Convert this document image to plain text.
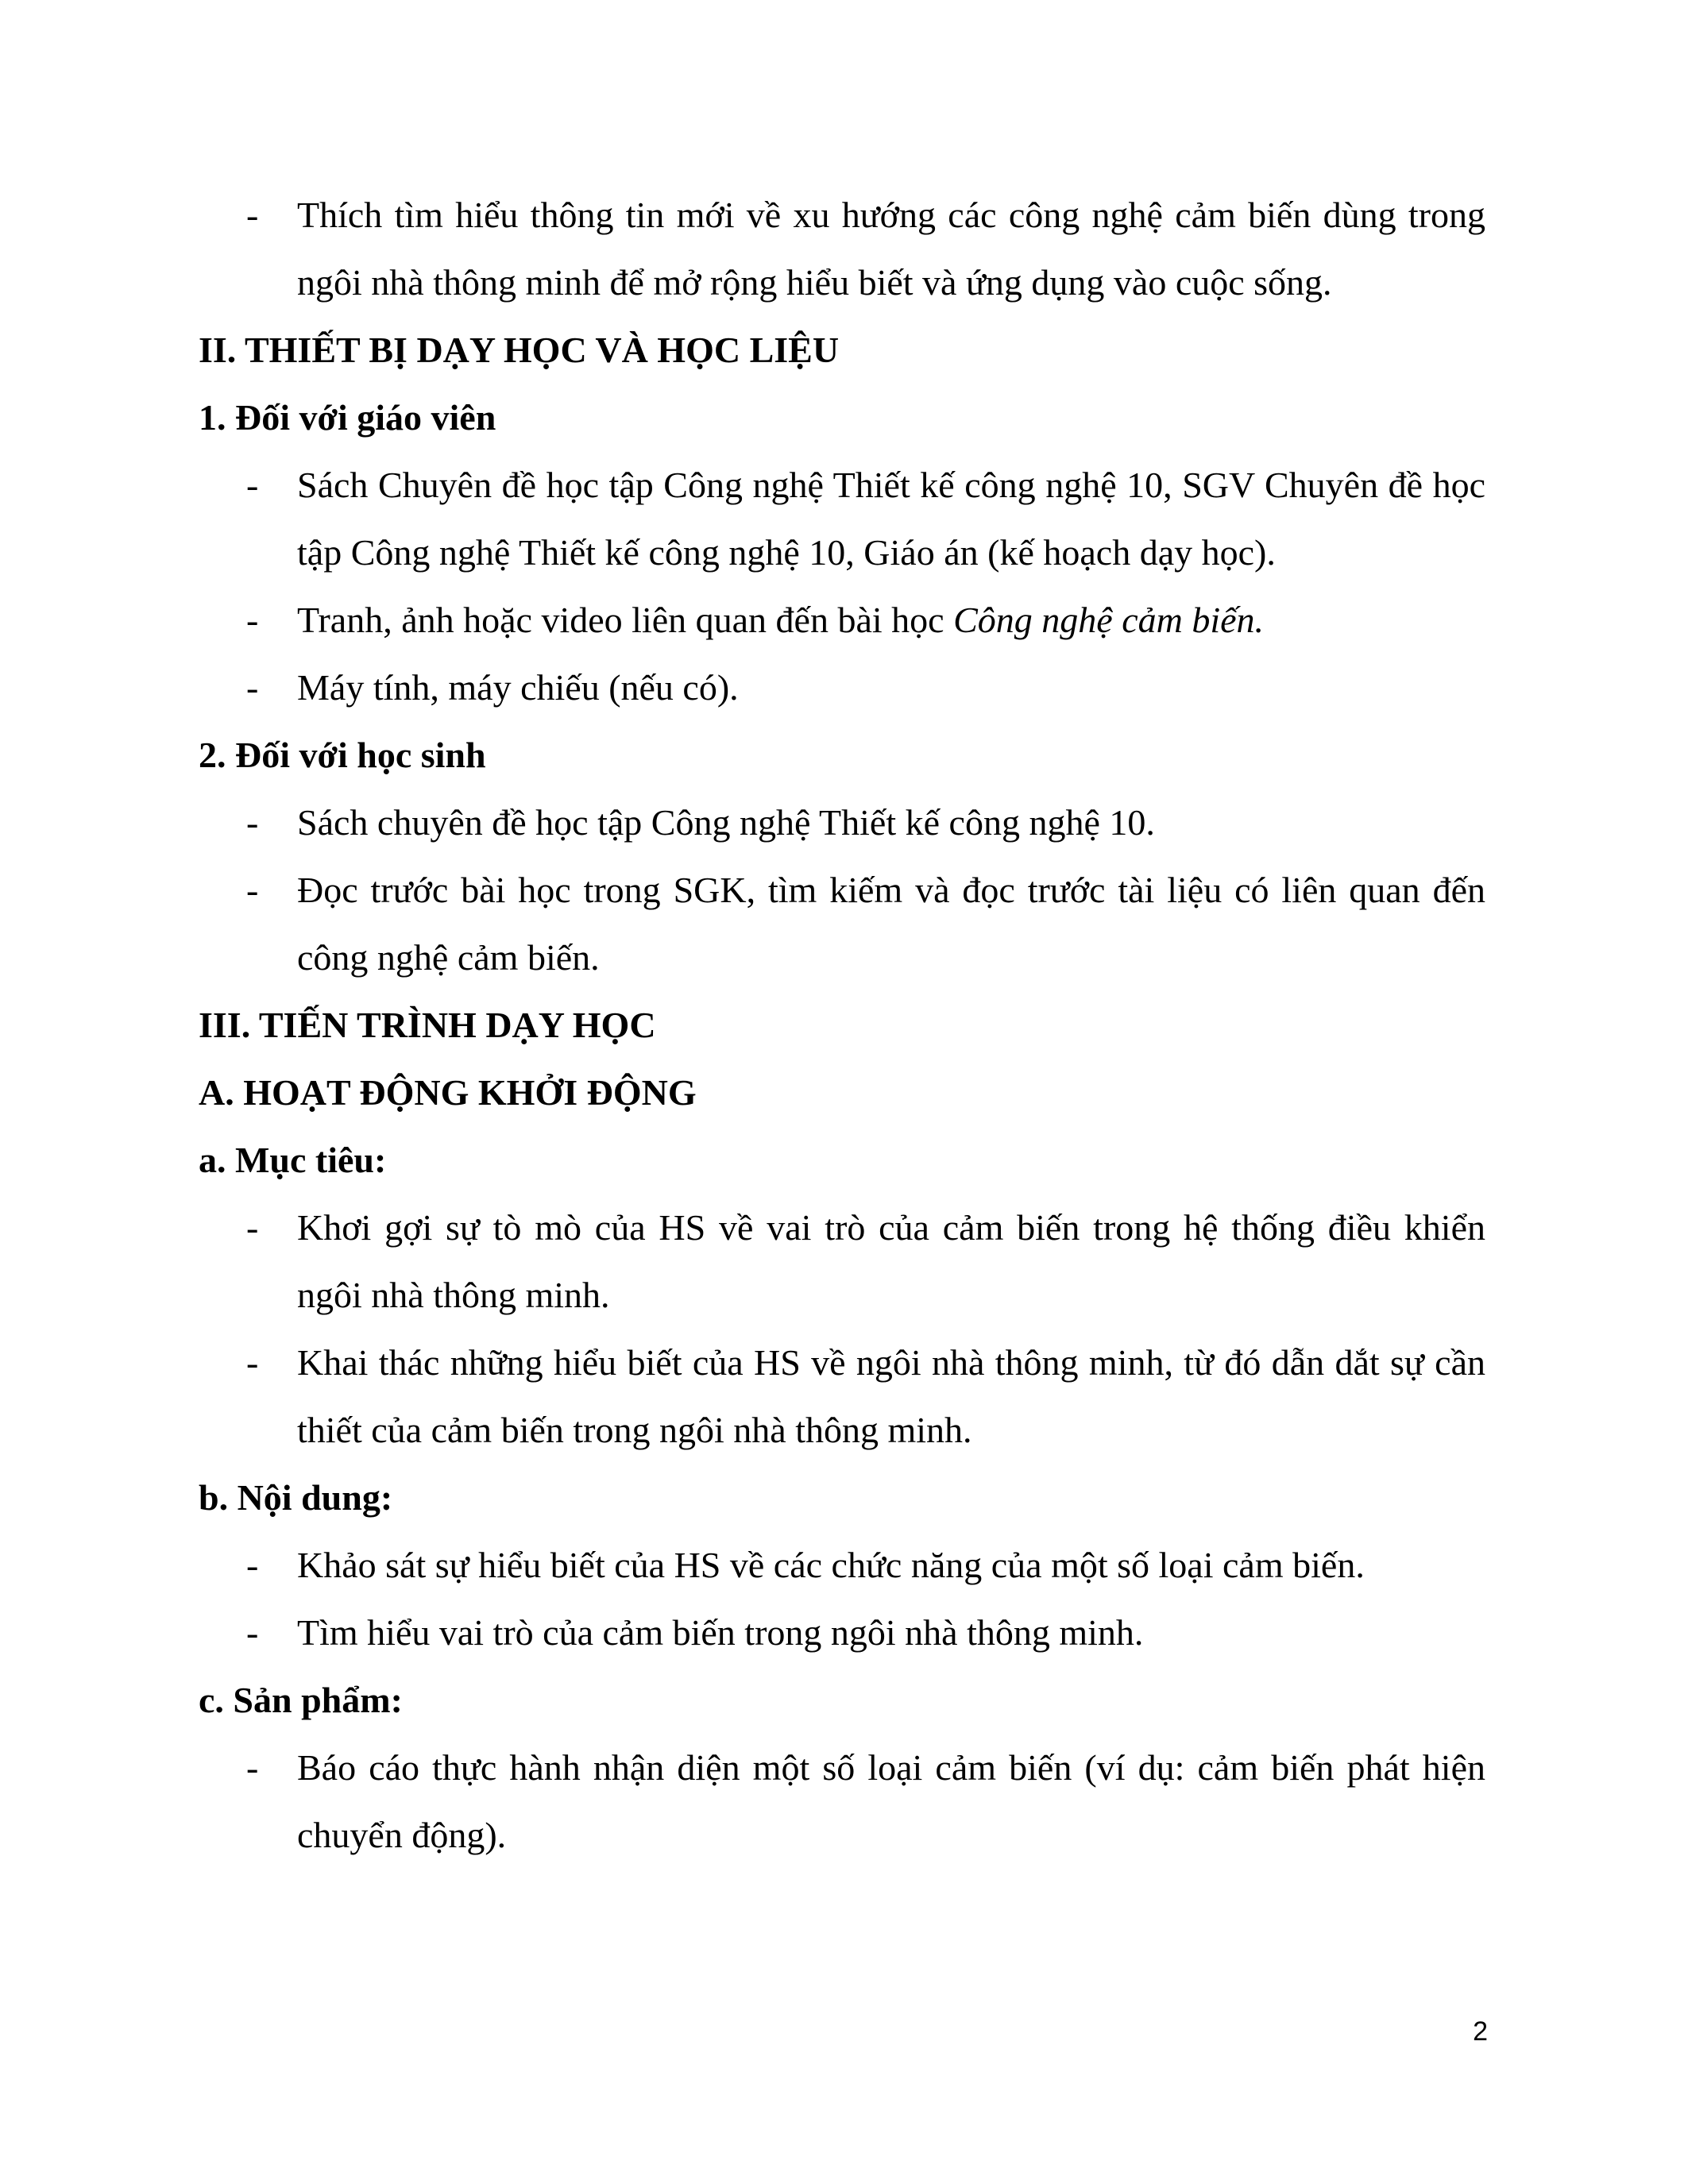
- Thích tìm hiểu thông tin mới về xu hướng các công nghệ cảm biến dùng trong ngôi nhà thông minh để mở rộng hiểu biết và ứng dụng vào cuộc sống.
II. THIẾT BỊ DẠY HỌC VÀ HỌC LIỆU
1. Đối với giáo viên
- Sách Chuyên đề học tập Công nghệ Thiết kế công nghệ 10, SGV Chuyên đề học tập Công nghệ Thiết kế công nghệ 10, Giáo án (kế hoạch dạy học).
- Tranh, ảnh hoặc video liên quan đến bài học Công nghệ cảm biến.
- Máy tính, máy chiếu (nếu có).
2. Đối với học sinh
- Sách chuyên đề học tập Công nghệ Thiết kế công nghệ 10.
- Đọc trước bài học trong SGK, tìm kiếm và đọc trước tài liệu có liên quan đến công nghệ cảm biến.
III. TIẾN TRÌNH DẠY HỌC
A. HOẠT ĐỘNG KHỞI ĐỘNG
a. Mục tiêu:
- Khơi gợi sự tò mò của HS về vai trò của cảm biến trong hệ thống điều khiển ngôi nhà thông minh.
- Khai thác những hiểu biết của HS về ngôi nhà thông minh, từ đó dẫn dắt sự cần thiết của cảm biến trong ngôi nhà thông minh.
b. Nội dung:
- Khảo sát sự hiểu biết của HS về các chức năng của một số loại cảm biến.
- Tìm hiểu vai trò của cảm biến trong ngôi nhà thông minh.
c. Sản phẩm:
- Báo cáo thực hành nhận diện một số loại cảm biến (ví dụ: cảm biến phát hiện chuyển động).
2
